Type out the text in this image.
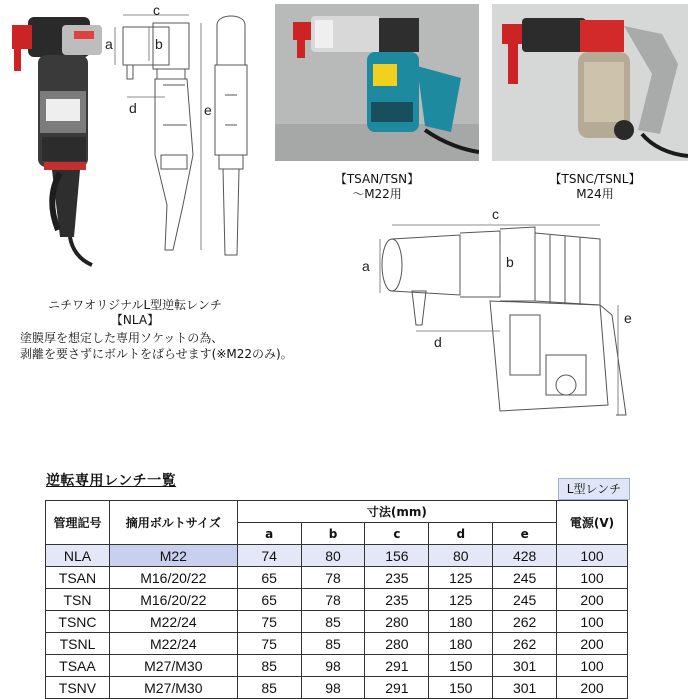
c
a	b
d	e
ニチワオリジナルL型逆転レンチ
【NLA】
塗膜厚を想定した専用ソケットの為、
剥離を要さずにボルトをばらせます(※M22のみ)。
【TSAN/TSN】
～M22用
【TSNC/TSNL】
M24用
c
a	b
d
e
逆転専用レンチ一覧	L型レンチ
管理記号	摘用ボルトサイズ	寸法(mm)					電源(V)
		a	b	c	d	e	
NLA	M22	74	80	156	80	428	100
TSAN	M16/20/22	65	78	235	125	245	100
TSN	M16/20/22	65	78	235	125	245	200
TSNC	M22/24	75	85	280	180	262	100
TSNL	M22/24	75	85	280	180	262	200
TSAA	M27/M30	85	98	291	150	301	100
TSNV	M27/M30	85	98	291	150	301	200
